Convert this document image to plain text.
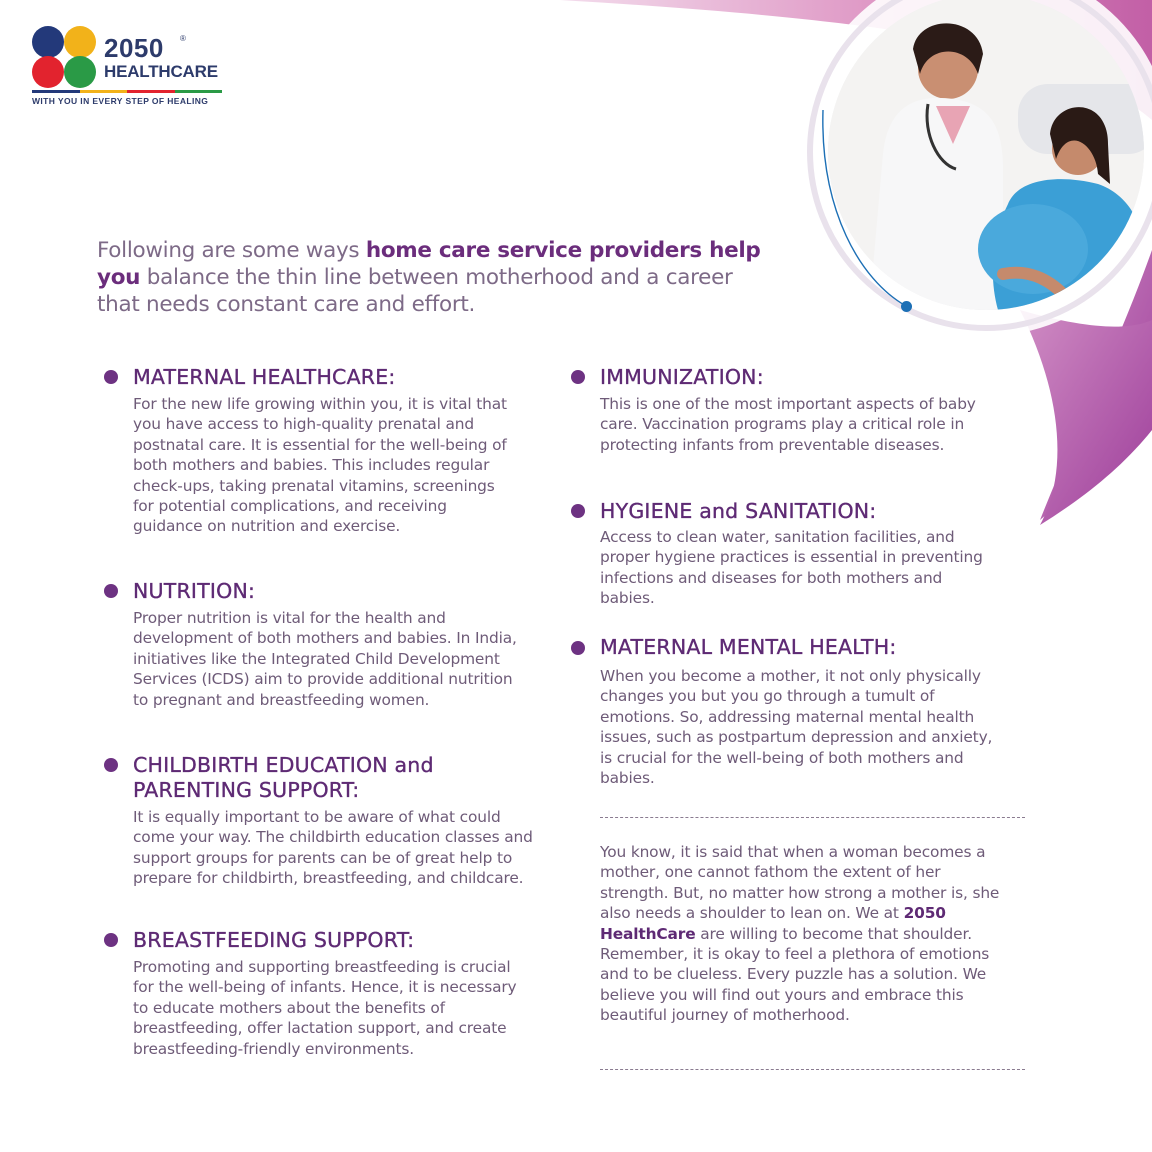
2050 ®
HEALTHCARE
WITH YOU IN EVERY STEP OF HEALING
Following are some ways home care service providers help you balance the thin line between motherhood and a career that needs constant care and effort.
MATERNAL HEALTHCARE:
For the new life growing within you, it is vital that you have access to high-quality prenatal and postnatal care. It is essential for the well-being of both mothers and babies. This includes regular check-ups, taking prenatal vitamins, screenings for potential complications, and receiving guidance on nutrition and exercise.
NUTRITION:
Proper nutrition is vital for the health and development of both mothers and babies. In India, initiatives like the Integrated Child Development Services (ICDS) aim to provide additional nutrition to pregnant and breastfeeding women.
CHILDBIRTH EDUCATION and PARENTING SUPPORT:
It is equally important to be aware of what could come your way. The childbirth education classes and support groups for parents can be of great help to prepare for childbirth, breastfeeding, and childcare.
BREASTFEEDING SUPPORT:
Promoting and supporting breastfeeding is crucial for the well-being of infants. Hence, it is necessary to educate mothers about the benefits of breastfeeding, offer lactation support, and create breastfeeding-friendly environments.
IMMUNIZATION:
This is one of the most important aspects of baby care. Vaccination programs play a critical role in protecting infants from preventable diseases.
HYGIENE and SANITATION:
Access to clean water, sanitation facilities, and proper hygiene practices is essential in preventing infections and diseases for both mothers and babies.
MATERNAL MENTAL HEALTH:
When you become a mother, it not only physically changes you but you go through a tumult of emotions. So, addressing maternal mental health issues, such as postpartum depression and anxiety, is crucial for the well-being of both mothers and babies.
You know, it is said that when a woman becomes a mother, one cannot fathom the extent of her strength. But, no matter how strong a mother is, she also needs a shoulder to lean on. We at 2050 HealthCare are willing to become that shoulder. Remember, it is okay to feel a plethora of emotions and to be clueless. Every puzzle has a solution. We believe you will find out yours and embrace this beautiful journey of motherhood.
